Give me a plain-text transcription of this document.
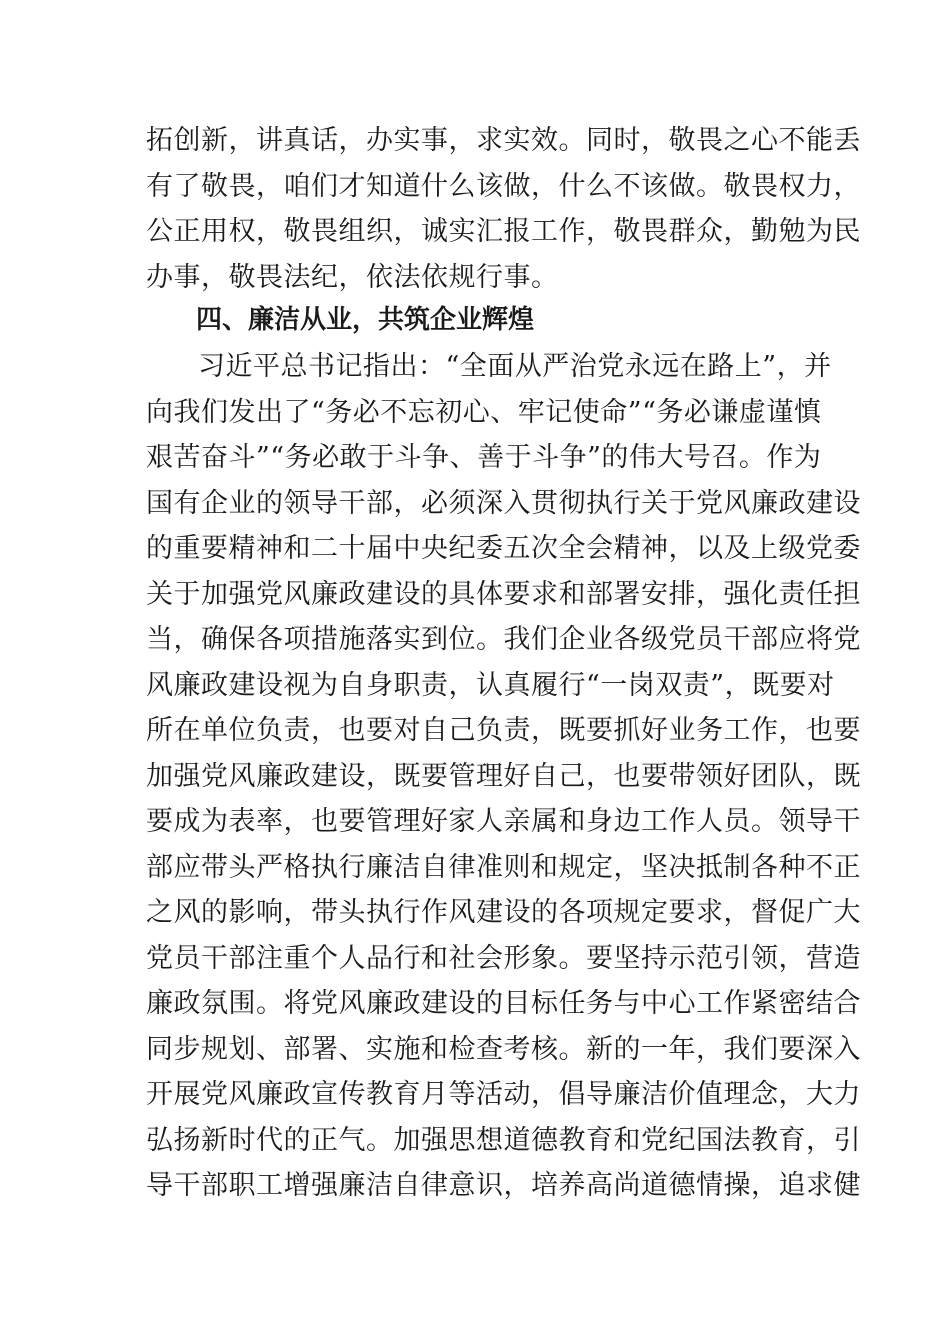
拓创新，讲真话，办实事，求实效。同时，敬畏之心不能丢
有了敬畏，咱们才知道什么该做，什么不该做。敬畏权力，
公正用权，敬畏组织，诚实汇报工作，敬畏群众，勤勉为民
办事，敬畏法纪，依法依规行事。
四、廉洁从业，共筑企业辉煌
习近平总书记指出：“全面从严治党永远在路上”，并
向我们发出了“务必不忘初心、牢记使命”“务必谦虚谨慎
艰苦奋斗”“务必敢于斗争、善于斗争”的伟大号召。作为
国有企业的领导干部，必须深入贯彻执行关于党风廉政建设
的重要精神和二十届中央纪委五次全会精神，以及上级党委
关于加强党风廉政建设的具体要求和部署安排，强化责任担
当，确保各项措施落实到位。我们企业各级党员干部应将党
风廉政建设视为自身职责，认真履行“一岗双责”，既要对
所在单位负责，也要对自己负责，既要抓好业务工作，也要
加强党风廉政建设，既要管理好自己，也要带领好团队，既
要成为表率，也要管理好家人亲属和身边工作人员。领导干
部应带头严格执行廉洁自律准则和规定，坚决抵制各种不正
之风的影响，带头执行作风建设的各项规定要求，督促广大
党员干部注重个人品行和社会形象。要坚持示范引领，营造
廉政氛围。将党风廉政建设的目标任务与中心工作紧密结合
同步规划、部署、实施和检查考核。新的一年，我们要深入
开展党风廉政宣传教育月等活动，倡导廉洁价值理念，大力
弘扬新时代的正气。加强思想道德教育和党纪国法教育，引
导干部职工增强廉洁自律意识，培养高尚道德情操，追求健
